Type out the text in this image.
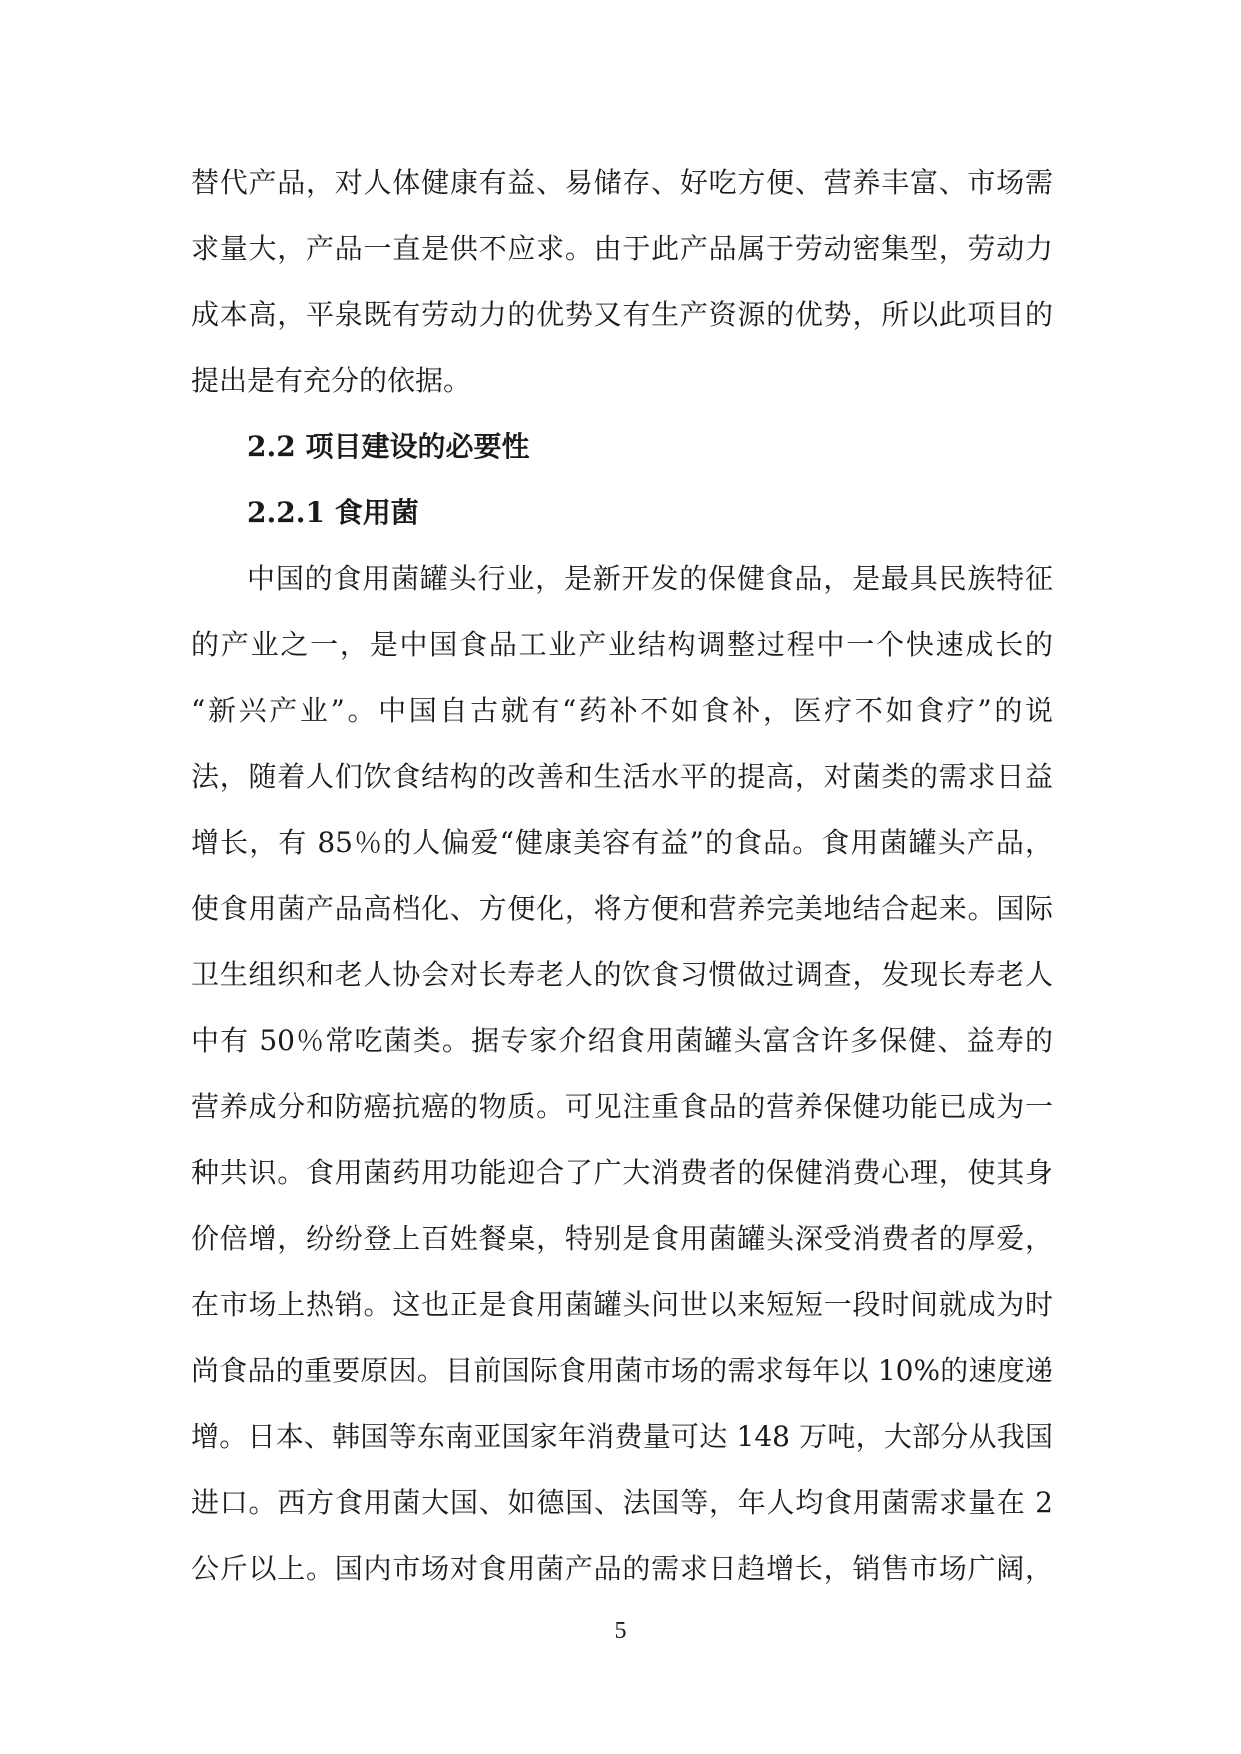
替代产品，对人体健康有益、易储存、好吃方便、营养丰富、市场需
求量大，产品一直是供不应求。由于此产品属于劳动密集型，劳动力
成本高，平泉既有劳动力的优势又有生产资源的优势，所以此项目的
提出是有充分的依据。
2.2 项目建设的必要性
2.2.1 食用菌
中国的食用菌罐头行业，是新开发的保健食品，是最具民族特征
的产业之一，是中国食品工业产业结构调整过程中一个快速成长的
“新兴产业”。中国自古就有“药补不如食补，医疗不如食疗”的说
法，随着人们饮食结构的改善和生活水平的提高，对菌类的需求日益
增长，有 85％的人偏爱“健康美容有益”的食品。食用菌罐头产品，
使食用菌产品高档化、方便化，将方便和营养完美地结合起来。国际
卫生组织和老人协会对长寿老人的饮食习惯做过调查，发现长寿老人
中有 50％常吃菌类。据专家介绍食用菌罐头富含许多保健、益寿的
营养成分和防癌抗癌的物质。可见注重食品的营养保健功能已成为一
种共识。食用菌药用功能迎合了广大消费者的保健消费心理，使其身
价倍增，纷纷登上百姓餐桌，特别是食用菌罐头深受消费者的厚爱，
在市场上热销。这也正是食用菌罐头问世以来短短一段时间就成为时
尚食品的重要原因。目前国际食用菌市场的需求每年以 10%的速度递
增。日本、韩国等东南亚国家年消费量可达 148 万吨，大部分从我国
进口。西方食用菌大国、如德国、法国等，年人均食用菌需求量在 2
公斤以上。国内市场对食用菌产品的需求日趋增长，销售市场广阔，
5
